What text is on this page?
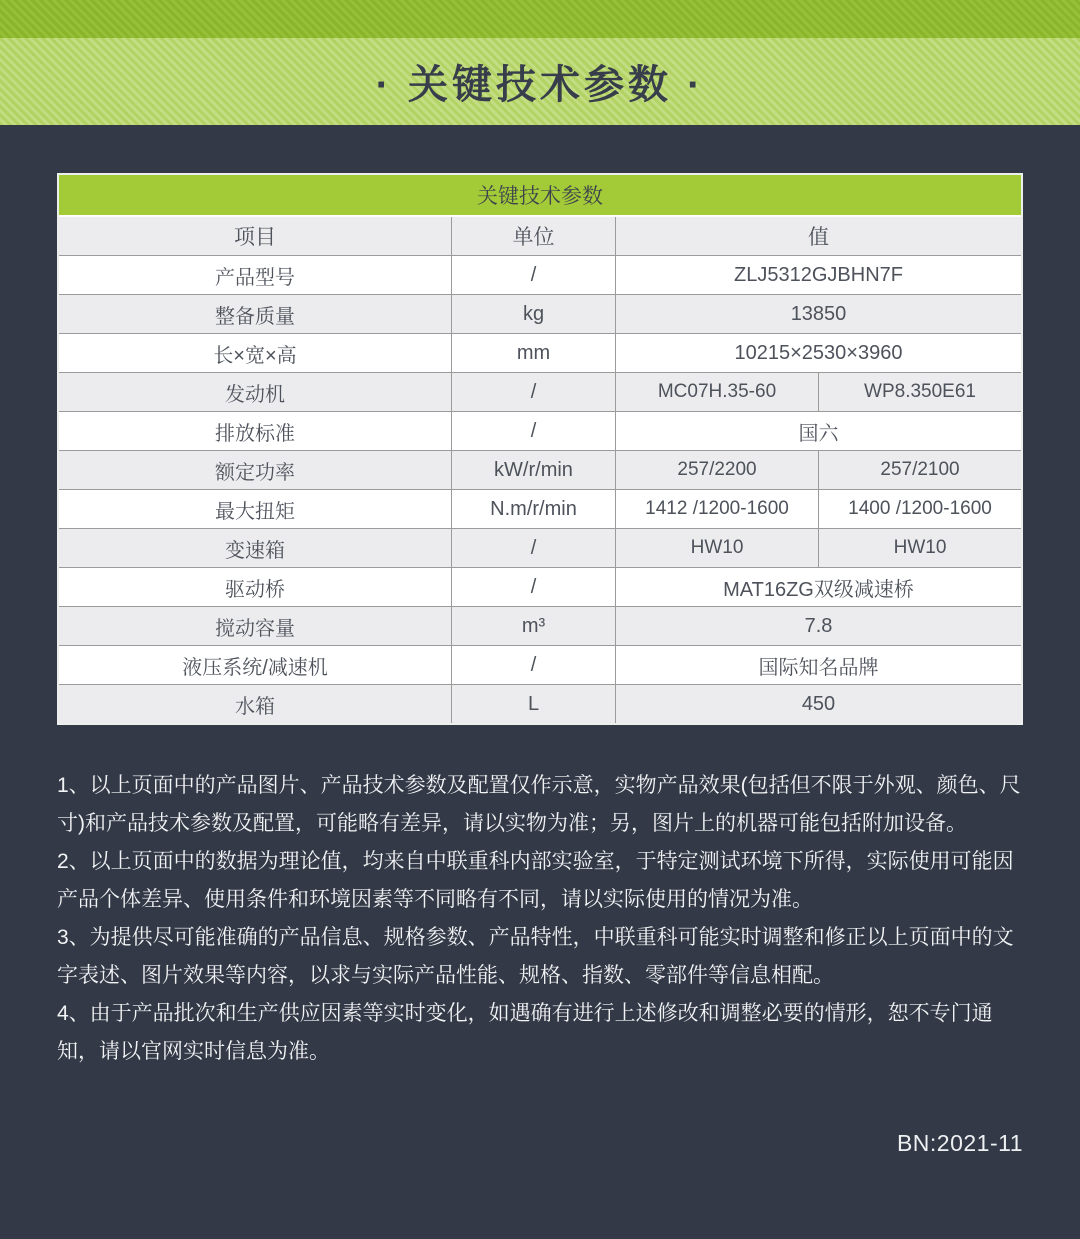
· 关键技术参数 ·
关键技术参数
项目	单位	值
产品型号	/	ZLJ5312GJBHN7F
整备质量	kg	13850
长×宽×高	mm	10215×2530×3960
发动机	/	MC07H.35-60	WP8.350E61
排放标准	/	国六
额定功率	kW/r/min	257/2200	257/2100
最大扭矩	N.m/r/min	1412 /1200-1600	1400 /1200-1600
变速箱	/	HW10	HW10
驱动桥	/	MAT16ZG双级减速桥
搅动容量	m³	7.8
液压系统/减速机	/	国际知名品牌
水箱	L	450

1、以上页面中的产品图片、产品技术参数及配置仅作示意，实物产品效果(包括但不限于外观、颜色、尺寸)和产品技术参数及配置，可能略有差异，请以实物为准；另，图片上的机器可能包括附加设备。

2、以上页面中的数据为理论值，均来自中联重科内部实验室，于特定测试环境下所得，实际使用可能因产品个体差异、使用条件和环境因素等不同略有不同，请以实际使用的情况为准。

3、为提供尽可能准确的产品信息、规格参数、产品特性，中联重科可能实时调整和修正以上页面中的文字表述、图片效果等内容，以求与实际产品性能、规格、指数、零部件等信息相配。

4、由于产品批次和生产供应因素等实时变化，如遇确有进行上述修改和调整必要的情形，恕不专门通知，请以官网实时信息为准。

BN:2021-11
